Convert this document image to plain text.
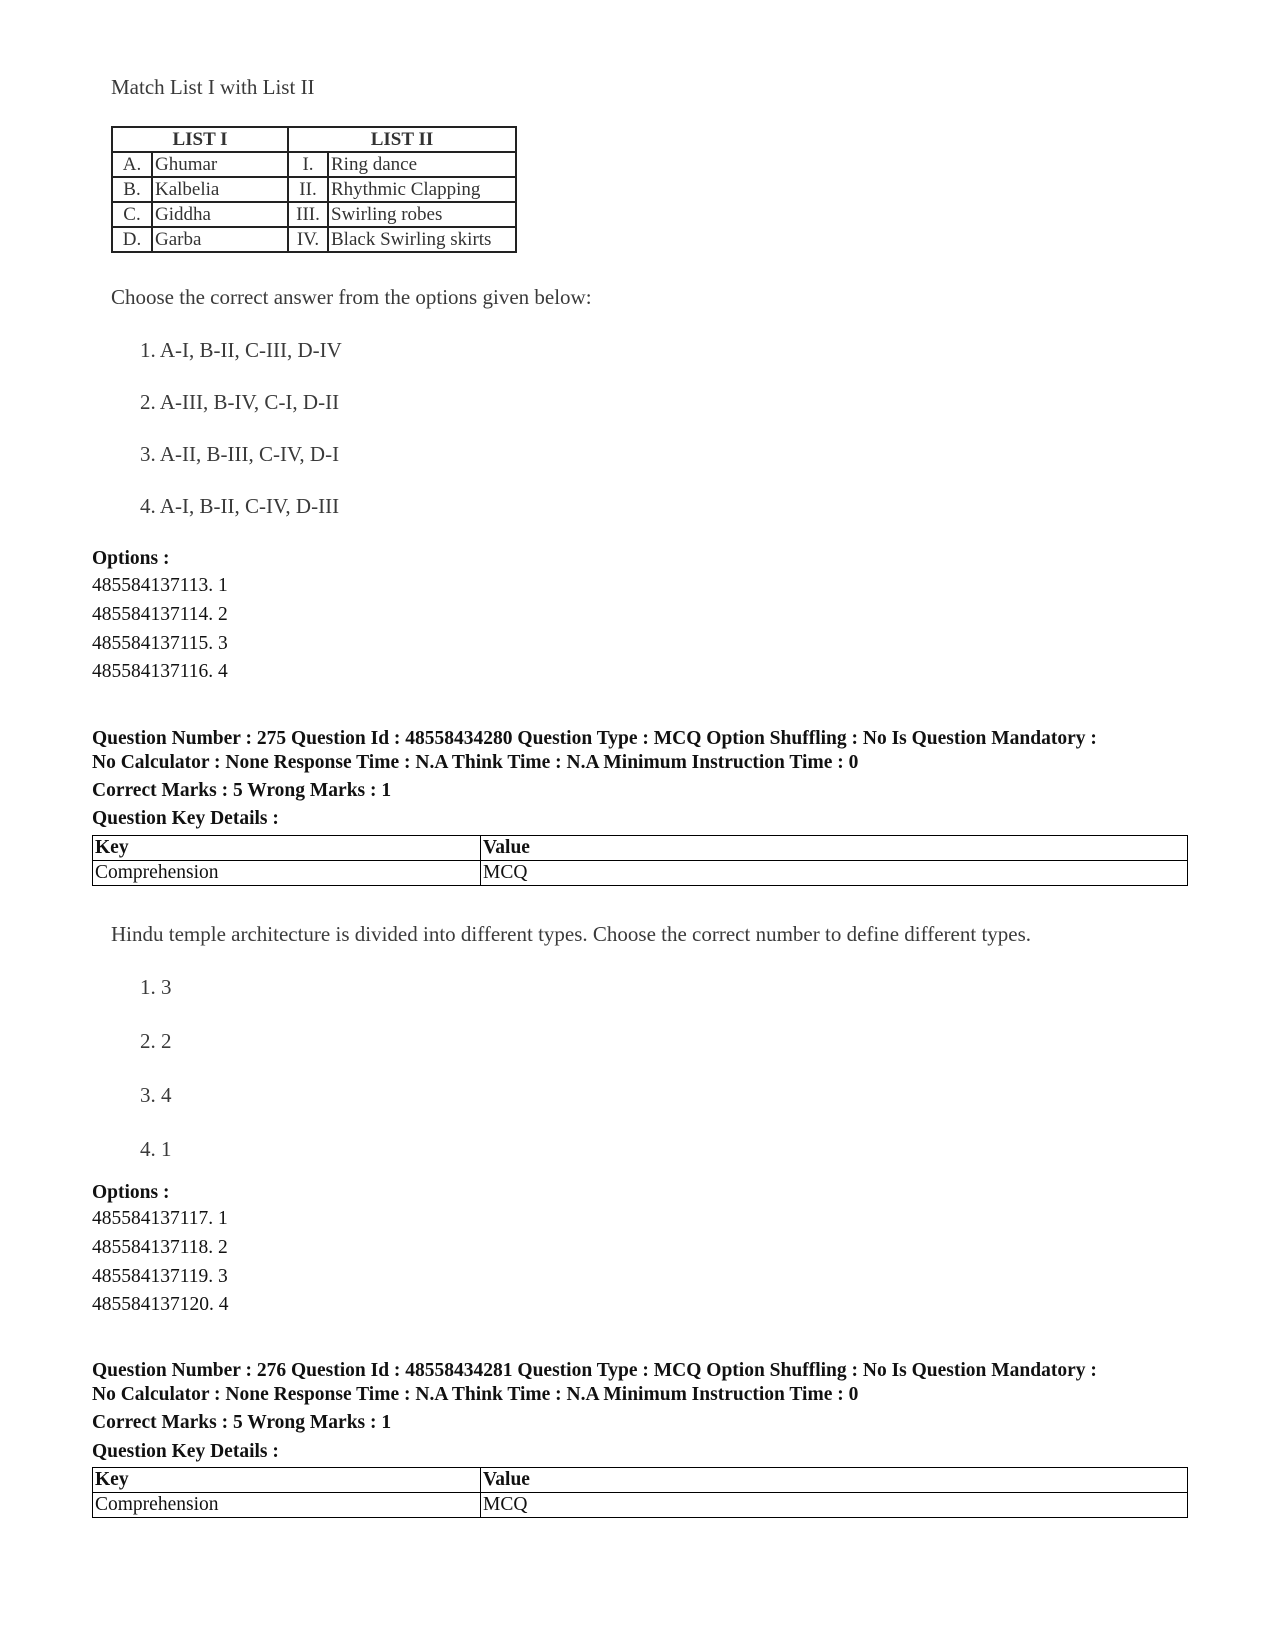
Match List I with List II
LIST I		LIST II	
A.	Ghumar	I.	Ring dance
B.	Kalbelia	II.	Rhythmic Clapping
C.	Giddha	III.	Swirling robes
D.	Garba	IV.	Black Swirling skirts
Choose the correct answer from the options given below:
1. A-I, B-II, C-III, D-IV
2. A-III, B-IV, C-I, D-II
3. A-II, B-III, C-IV, D-I
4. A-I, B-II, C-IV, D-III
Options :
485584137113. 1
485584137114. 2
485584137115. 3
485584137116. 4
Question Number : 275 Question Id : 48558434280 Question Type : MCQ Option Shuffling : No Is Question Mandatory :
No Calculator : None Response Time : N.A Think Time : N.A Minimum Instruction Time : 0
Correct Marks : 5 Wrong Marks : 1
Question Key Details :
Key	Value
Comprehension	MCQ
Hindu temple architecture is divided into different types. Choose the correct number to define different types.
1. 3
2. 2
3. 4
4. 1
Options :
485584137117. 1
485584137118. 2
485584137119. 3
485584137120. 4
Question Number : 276 Question Id : 48558434281 Question Type : MCQ Option Shuffling : No Is Question Mandatory :
No Calculator : None Response Time : N.A Think Time : N.A Minimum Instruction Time : 0
Correct Marks : 5 Wrong Marks : 1
Question Key Details :
Key	Value
Comprehension	MCQ
